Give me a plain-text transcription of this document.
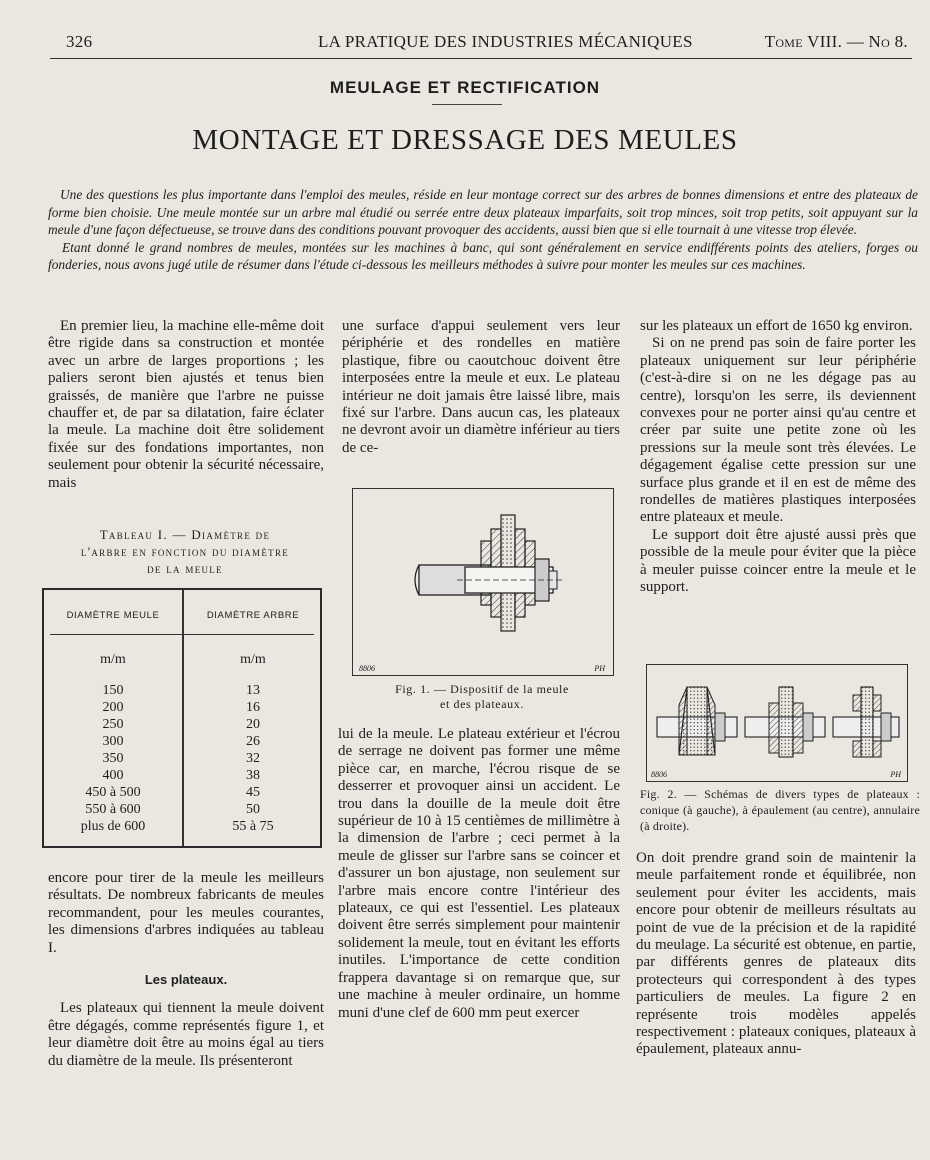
326	LA PRATIQUE DES INDUSTRIES MÉCANIQUES	Tome VIII. — No 8.
MEULAGE ET RECTIFICATION
MONTAGE ET DRESSAGE DES MEULES

Une des questions les plus importante dans l'emploi des meules, réside en leur montage correct sur des arbres de bonnes dimensions et entre des plateaux de forme bien choisie. Une meule montée sur un arbre mal étudié ou serrée entre deux plateaux imparfaits, soit trop minces, soit trop petits, soit appuyant sur la meule d'une façon défectueuse, se trouve dans des conditions pouvant provoquer des accidents, aussi bien que si elle tournait à une vitesse trop élevée.

Etant donné le grand nombres de meules, montées sur les machines à banc, qui sont généralement en service endifférents points des ateliers, forges ou fonderies, nous avons jugé utile de résumer dans l'étude ci-dessous les meilleurs méthodes à suivre pour monter les meules sur ces machines.

En premier lieu, la machine elle-même doit être rigide dans sa construction et montée avec un arbre de larges proportions ; les paliers seront bien ajustés et tenus bien graissés, de manière que l'arbre ne puisse chauffer et, de par sa dilatation, faire éclater la meule. La machine doit être solidement fixée sur des fondations importantes, non seulement pour obtenir la sécurité nécessaire, mais

Tableau I. — Diamètre de
l'arbre en fonction du diamètre
de la meule
DIAMÈTRE MEULE	DIAMÈTRE ARBRE
m/m	m/m
150	13
200	16
250	20
300	26
350	32
400	38
450 à 500	45
550 à 600	50
plus de 600	55 à 75

encore pour tirer de la meule les meilleurs résultats. De nombreux fabricants de meules recommandent, pour les meules courantes, les dimensions d'arbres indiquées au tableau I.

Les plateaux.

Les plateaux qui tiennent la meule doivent être dégagés, comme représentés figure 1, et leur diamètre doit être au moins égal au tiers du diamètre de la meule. Ils présenteront

une surface d'appui seulement vers leur périphérie et des rondelles en matière plastique, fibre ou caoutchouc doivent être interposées entre la meule et eux. Le plateau intérieur ne doit jamais être laissé libre, mais fixé sur l'arbre. Dans aucun cas, les plateaux ne devront avoir un diamètre inférieur au tiers de ce-

8806	PH
Fig. 1. — Dispositif de la meule
et des plateaux.

lui de la meule. Le plateau extérieur et l'écrou de serrage ne doivent pas former une même pièce car, en marche, l'écrou risque de se desserrer et provoquer ainsi un accident. Le trou dans la douille de la meule doit être supérieur de 10 à 15 centièmes de millimètre à la dimension de l'arbre ; ceci permet à la meule de glisser sur l'arbre sans se coincer et d'assurer un bon ajustage, non seulement sur l'arbre mais encore contre l'intérieur des plateaux, ce qui est l'essentiel. Les plateaux doivent être serrés simplement pour maintenir solidement la meule, tout en évitant les efforts inutiles. L'importance de cette condition frappera davantage si on remarque que, sur une machine à meuler ordinaire, un homme muni d'une clef de 600 mm peut exercer

sur les plateaux un effort de 1650 kg environ.

Si on ne prend pas soin de faire porter les plateaux uniquement sur leur périphérie (c'est-à-dire si on ne les dégage pas au centre), lorsqu'on les serre, ils deviennent convexes pour ne porter ainsi qu'au centre et créer par suite une petite zone où les pressions sur la meule sont très élevées. Le dégagement égalise cette pression sur une surface plus grande et il en est de même des rondelles de matières plastiques interposées entre plateaux et meule.

Le support doit être ajusté aussi près que possible de la meule pour éviter que la pièce à meuler puisse coincer entre la meule et le support.

8806	PH
Fig. 2. — Schémas de divers types de plateaux : conique (à gauche), à épaulement (au centre), annulaire (à droite).

On doit prendre grand soin de maintenir la meule parfaitement ronde et équilibrée, non seulement pour éviter les accidents, mais encore pour obtenir de meilleurs résultats au point de vue de la précision et de la rapidité du meulage. La sécurité est obtenue, en partie, par différents genres de plateaux dits protecteurs qui correspondent à des types particuliers de meules. La figure 2 en représente trois modèles appelés respectivement : plateaux coniques, plateaux à épaulement, plateaux annu-
